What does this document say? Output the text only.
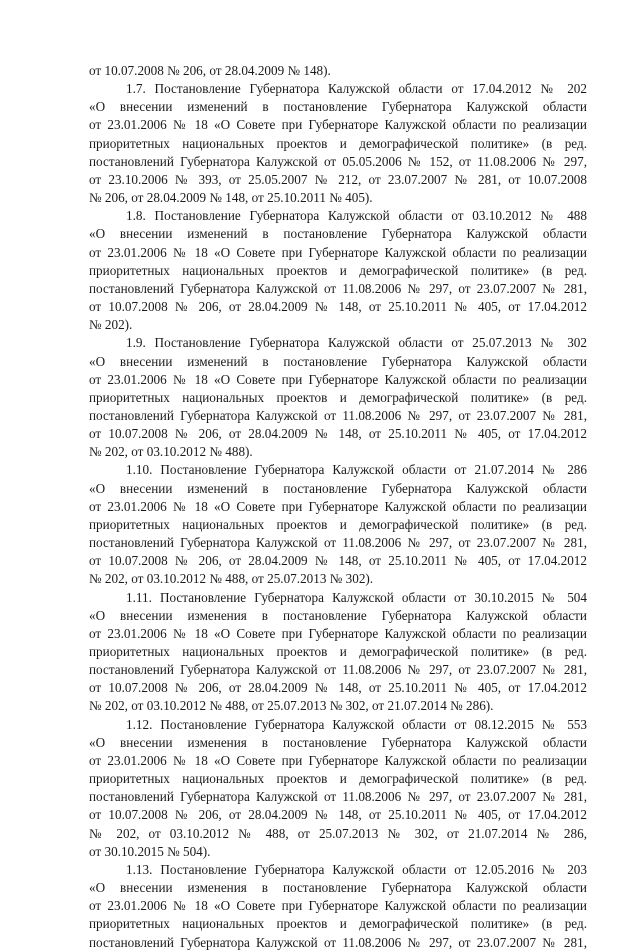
от 10.07.2008 № 206, от 28.04.2009 № 148).
1.7. Постановление Губернатора Калужской области от 17.04.2012 № 202
«О внесении изменений в постановление Губернатора Калужской области
от 23.01.2006 № 18 «О Совете при Губернаторе Калужской области по реализации
приоритетных национальных проектов и демографической политике» (в ред.
постановлений Губернатора Калужской от 05.05.2006 № 152, от 11.08.2006 № 297,
от 23.10.2006 № 393, от 25.05.2007 № 212, от 23.07.2007 № 281, от 10.07.2008
№ 206, от 28.04.2009 № 148, от 25.10.2011 № 405).
1.8. Постановление Губернатора Калужской области от 03.10.2012 № 488
«О внесении изменений в постановление Губернатора Калужской области
от 23.01.2006 № 18 «О Совете при Губернаторе Калужской области по реализации
приоритетных национальных проектов и демографической политике» (в ред.
постановлений Губернатора Калужской от 11.08.2006 № 297, от 23.07.2007 № 281,
от 10.07.2008 № 206, от 28.04.2009 № 148, от 25.10.2011 № 405, от 17.04.2012
№ 202).
1.9. Постановление Губернатора Калужской области от 25.07.2013 № 302
«О внесении изменений в постановление Губернатора Калужской области
от 23.01.2006 № 18 «О Совете при Губернаторе Калужской области по реализации
приоритетных национальных проектов и демографической политике» (в ред.
постановлений Губернатора Калужской от 11.08.2006 № 297, от 23.07.2007 № 281,
от 10.07.2008 № 206, от 28.04.2009 № 148, от 25.10.2011 № 405, от 17.04.2012
№ 202, от 03.10.2012 № 488).
1.10. Постановление Губернатора Калужской области от 21.07.2014 № 286
«О внесении изменений в постановление Губернатора Калужской области
от 23.01.2006 № 18 «О Совете при Губернаторе Калужской области по реализации
приоритетных национальных проектов и демографической политике» (в ред.
постановлений Губернатора Калужской от 11.08.2006 № 297, от 23.07.2007 № 281,
от 10.07.2008 № 206, от 28.04.2009 № 148, от 25.10.2011 № 405, от 17.04.2012
№ 202, от 03.10.2012 № 488, от 25.07.2013 № 302).
1.11. Постановление Губернатора Калужской области от 30.10.2015 № 504
«О внесении изменения в постановление Губернатора Калужской области
от 23.01.2006 № 18 «О Совете при Губернаторе Калужской области по реализации
приоритетных национальных проектов и демографической политике» (в ред.
постановлений Губернатора Калужской от 11.08.2006 № 297, от 23.07.2007 № 281,
от 10.07.2008 № 206, от 28.04.2009 № 148, от 25.10.2011 № 405, от 17.04.2012
№ 202, от 03.10.2012 № 488, от 25.07.2013 № 302, от 21.07.2014 № 286).
1.12. Постановление Губернатора Калужской области от 08.12.2015 № 553
«О внесении изменения в постановление Губернатора Калужской области
от 23.01.2006 № 18 «О Совете при Губернаторе Калужской области по реализации
приоритетных национальных проектов и демографической политике» (в ред.
постановлений Губернатора Калужской от 11.08.2006 № 297, от 23.07.2007 № 281,
от 10.07.2008 № 206, от 28.04.2009 № 148, от 25.10.2011 № 405, от 17.04.2012
№ 202, от 03.10.2012 № 488, от 25.07.2013 № 302, от 21.07.2014 № 286,
от 30.10.2015 № 504).
1.13. Постановление Губернатора Калужской области от 12.05.2016 № 203
«О внесении изменения в постановление Губернатора Калужской области
от 23.01.2006 № 18 «О Совете при Губернаторе Калужской области по реализации
приоритетных национальных проектов и демографической политике» (в ред.
постановлений Губернатора Калужской от 11.08.2006 № 297, от 23.07.2007 № 281,
